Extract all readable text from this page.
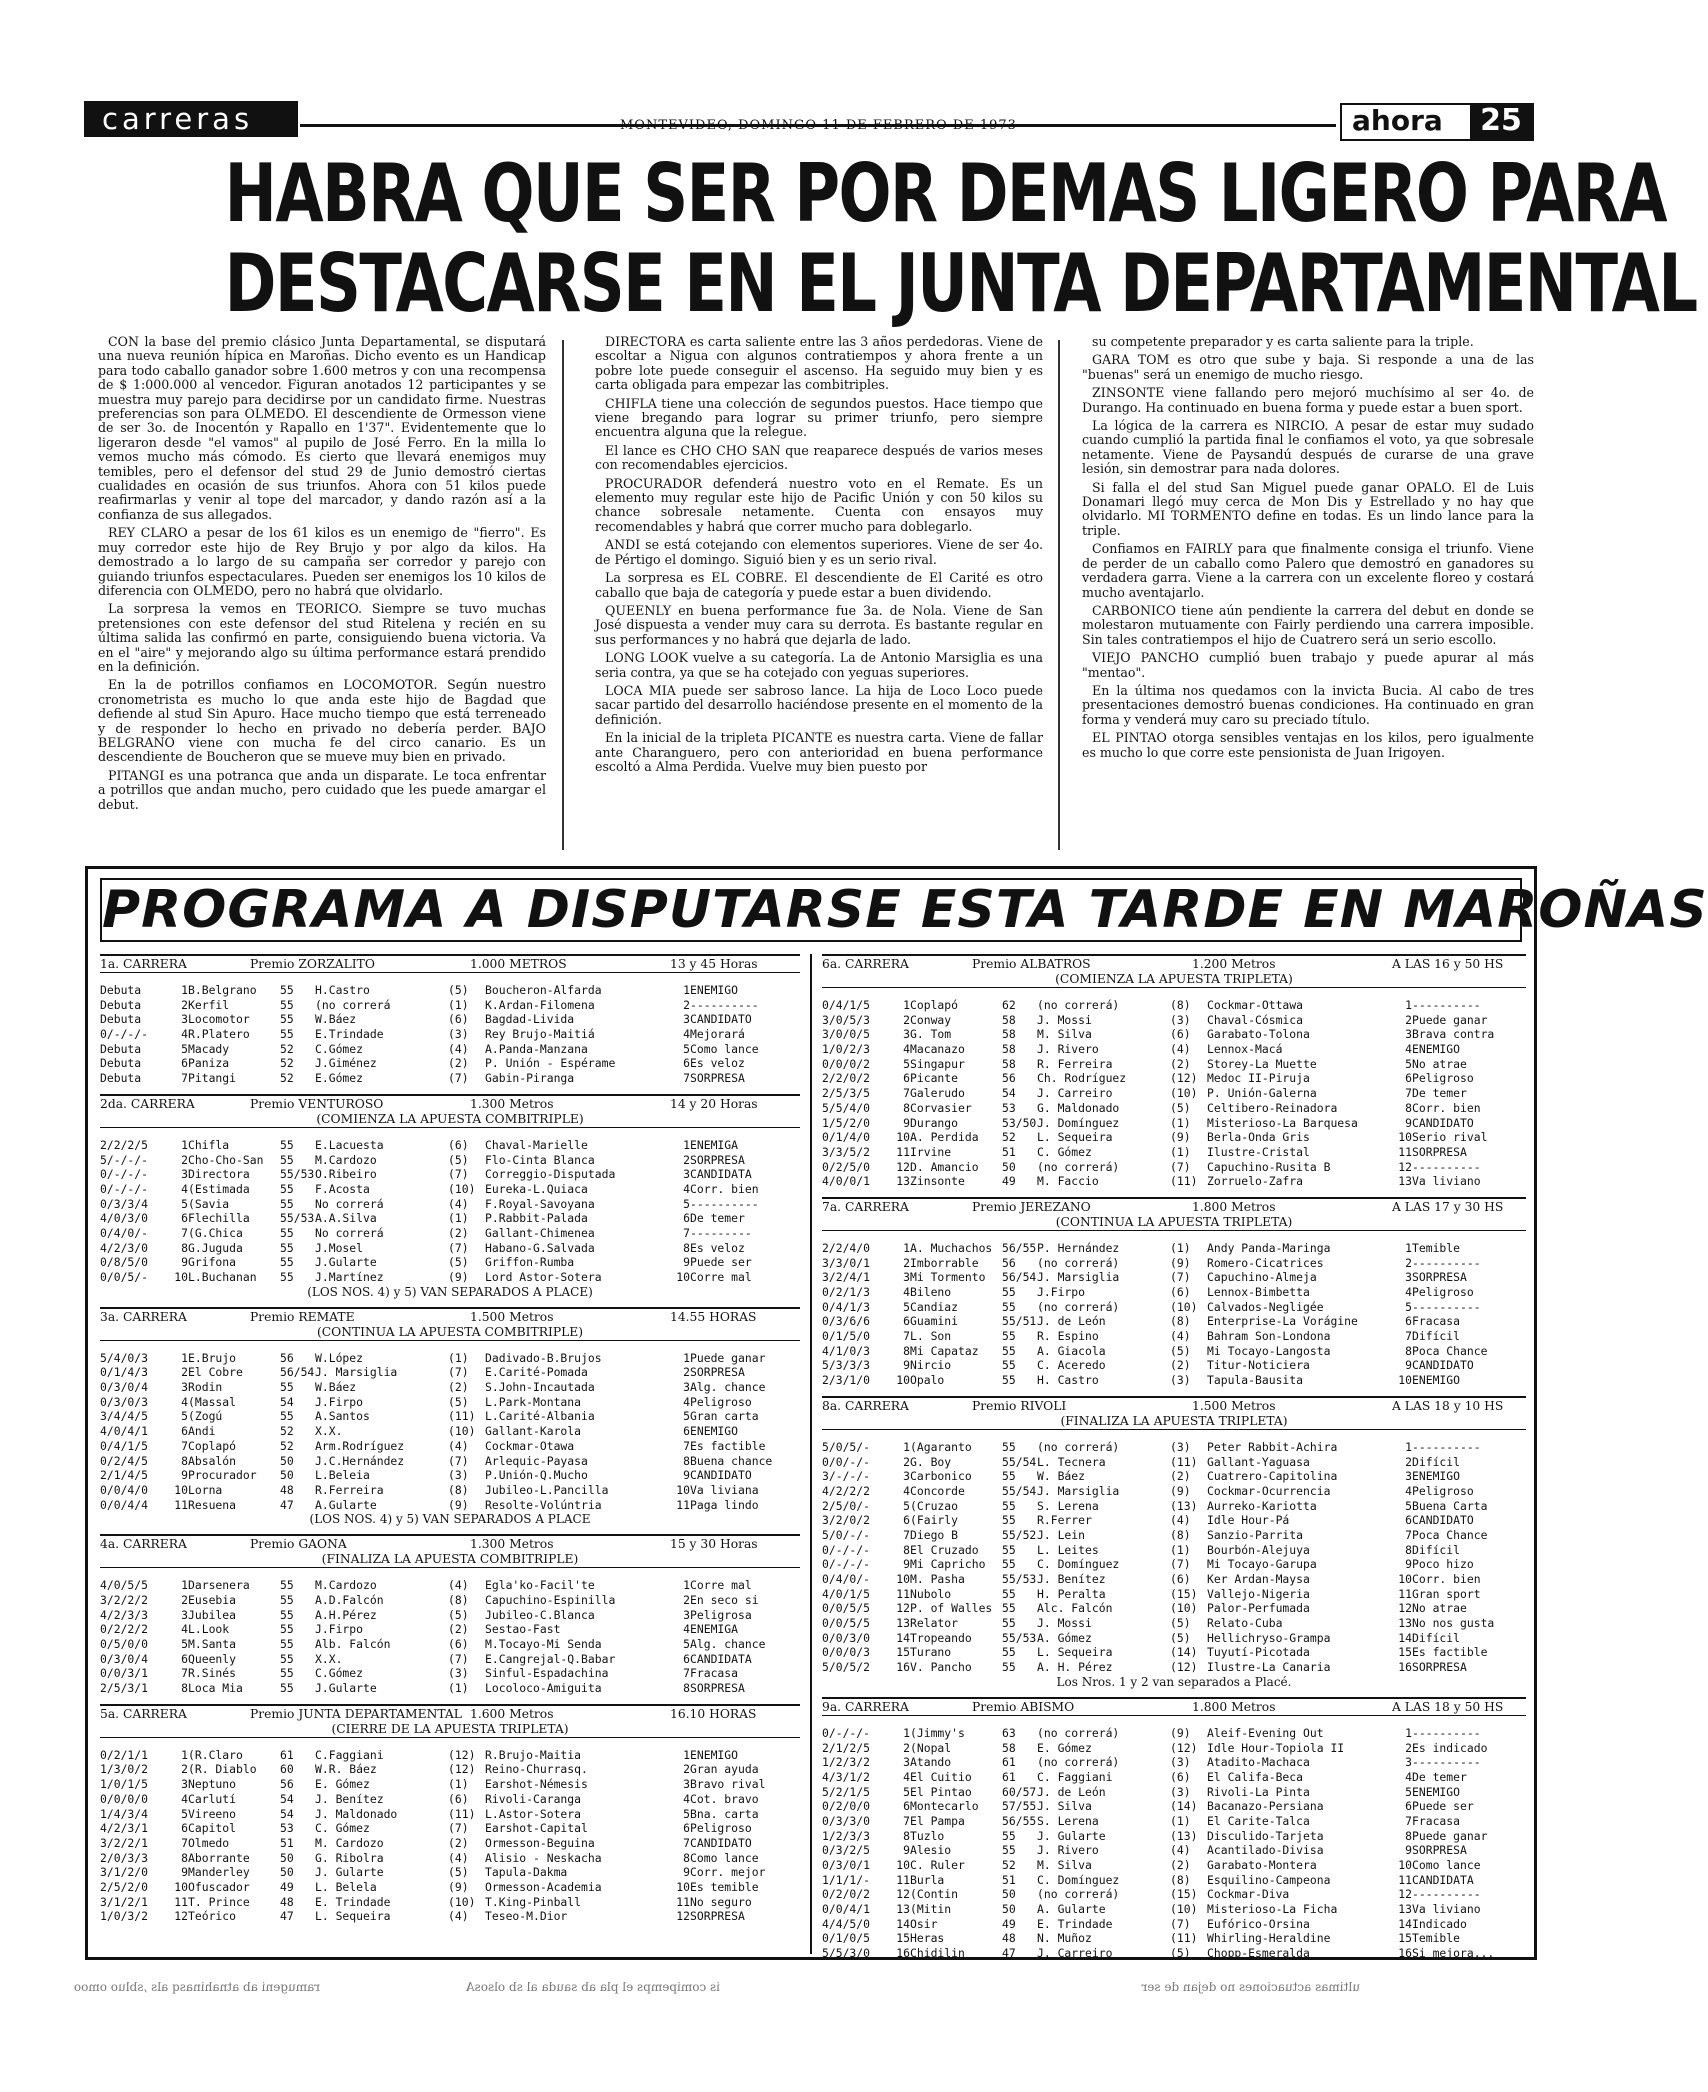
carreras	MONTEVIDEO, DOMINGO 11 DE FEBRERO DE 1973	ahora	25
HABRA QUE SER POR DEMAS LIGERO PARA
DESTACARSE EN EL JUNTA DEPARTAMENTAL

CON la base del premio clásico Junta Departamental, se disputará una nueva reunión hípica en Maroñas. Dicho evento es un Handicap para todo caballo ganador sobre 1.600 metros y con una recompensa de $ 1:000.000 al vencedor. Figuran anotados 12 participantes y se muestra muy parejo para decidirse por un candidato firme. Nuestras preferencias son para OLMEDO. El descendiente de Ormesson viene de ser 3o. de Inocentón y Rapallo en 1'37". Evidentemente que lo ligeraron desde "el vamos" al pupilo de José Ferro. En la milla lo vemos mucho más cómodo. Es cierto que llevará enemigos muy temibles, pero el defensor del stud 29 de Junio demostró ciertas cualidades en ocasión de sus triunfos. Ahora con 51 kilos puede reafirmarlas y venir al tope del marcador, y dando razón así a la confianza de sus allegados.

REY CLARO a pesar de los 61 kilos es un enemigo de "fierro". Es muy corredor este hijo de Rey Brujo y por algo da kilos. Ha demostrado a lo largo de su campaña ser corredor y parejo con guiando triunfos espectaculares. Pueden ser enemigos los 10 kilos de diferencia con OLMEDO, pero no habrá que olvidarlo.

La sorpresa la vemos en TEORICO. Siempre se tuvo muchas pretensiones con este defensor del stud Ritelena y recién en su última salida las confirmó en parte, consiguiendo buena victoria. Va en el "aire" y mejorando algo su última performance estará prendido en la definición.

En la de potrillos confiamos en LOCOMOTOR. Según nuestro cronometrista es mucho lo que anda este hijo de Bagdad que defiende al stud Sin Apuro. Hace mucho tiempo que está terreneado y de responder lo hecho en privado no debería perder. BAJO BELGRANO viene con mucha fe del circo canario. Es un descendiente de Boucheron que se mueve muy bien en privado.

PITANGI es una potranca que anda un disparate. Le toca enfrentar a potrillos que andan mucho, pero cuidado que les puede amargar el debut.

DIRECTORA es carta saliente entre las 3 años perdedoras. Viene de escoltar a Nigua con algunos contratiempos y ahora frente a un pobre lote puede conseguir el ascenso. Ha seguido muy bien y es carta obligada para empezar las combitriples.

CHIFLA tiene una colección de segundos puestos. Hace tiempo que viene bregando para lograr su primer triunfo, pero siempre encuentra alguna que la relegue.

El lance es CHO CHO SAN que reaparece después de varios meses con recomendables ejercicios.

PROCURADOR defenderá nuestro voto en el Remate. Es un elemento muy regular este hijo de Pacific Unión y con 50 kilos su chance sobresale netamente. Cuenta con ensayos muy recomendables y habrá que correr mucho para doblegarlo.

ANDI se está cotejando con elementos superiores. Viene de ser 4o. de Pértigo el domingo. Siguió bien y es un serio rival.

La sorpresa es EL COBRE. El descendiente de El Carité es otro caballo que baja de categoría y puede estar a buen dividendo.

QUEENLY en buena performance fue 3a. de Nola. Viene de San José dispuesta a vender muy cara su derrota. Es bastante regular en sus performances y no habrá que dejarla de lado.

LONG LOOK vuelve a su categoría. La de Antonio Marsiglia es una seria contra, ya que se ha cotejado con yeguas superiores.

LOCA MIA puede ser sabroso lance. La hija de Loco Loco puede sacar partido del desarrollo haciéndose presente en el momento de la definición.

En la inicial de la tripleta PICANTE es nuestra carta. Viene de fallar ante Charanguero, pero con anterioridad en buena performance escoltó a Alma Perdida. Vuelve muy bien puesto por

su competente preparador y es carta saliente para la triple.

GARA TOM es otro que sube y baja. Si responde a una de las "buenas" será un enemigo de mucho riesgo.

ZINSONTE viene fallando pero mejoró muchísimo al ser 4o. de Durango. Ha continuado en buena forma y puede estar a buen sport.

La lógica de la carrera es NIRCIO. A pesar de estar muy sudado cuando cumplió la partida final le confiamos el voto, ya que sobresale netamente. Viene de Paysandú después de curarse de una grave lesión, sin demostrar para nada dolores.

Si falla el del stud San Miguel puede ganar OPALO. El de Luis Donamari llegó muy cerca de Mon Dis y Estrellado y no hay que olvidarlo. MI TORMENTO define en todas. Es un lindo lance para la triple.

Confiamos en FAIRLY para que finalmente consiga el triunfo. Viene de perder de un caballo como Palero que demostró en ganadores su verdadera garra. Viene a la carrera con un excelente floreo y costará mucho aventajarlo.

CARBONICO tiene aún pendiente la carrera del debut en donde se molestaron mutuamente con Fairly perdiendo una carrera imposible. Sin tales contratiempos el hijo de Cuatrero será un serio escollo.

VIEJO PANCHO cumplió buen trabajo y puede apurar al más "mentao".

En la última nos quedamos con la invicta Bucia. Al cabo de tres presentaciones demostró buenas condiciones. Ha continuado en gran forma y venderá muy caro su preciado título.

EL PINTAO otorga sensibles ventajas en los kilos, pero igualmente es mucho lo que corre este pensionista de Juan Irigoyen.

PROGRAMA A DISPUTARSE ESTA TARDE EN MAROÑAS
1a. CARRERA	Premio ZORZALITO	1.000 METROS	13 y 45 Horas
Debuta	1 B.Belgrano	55	H.Castro	(5)	Boucheron-Alfarda	1 ENEMIGO
Debuta	2 Kerfil	55	(no correrá	(1)	K.Ardan-Filomena	2 ----------
Debuta	3 Locomotor	55	W.Báez	(6)	Bagdad-Livida	3 CANDIDATO
0/-/-/-	4 R.Platero	55	E.Trindade	(3)	Rey Brujo-Maitiá	4 Mejorará
Debuta	5 Macady	52	C.Gómez	(4)	A.Panda-Manzana	5 Como lance
Debuta	6 Paniza	52	J.Giménez	(2)	P. Unión - Espérame	6 Es veloz
Debuta	7 Pitangi	52	E.Gómez	(7)	Gabin-Piranga	7 SORPRESA
2da. CARRERA	Premio VENTUROSO	1.300 Metros	14 y 20 Horas
(COMIENZA LA APUESTA COMBITRIPLE)
2/2/2/5	1 Chifla	55	E.Lacuesta	(6)	Chaval-Marielle	1 ENEMIGA
5/-/-/-	2 Cho-Cho-San	55	M.Cardozo	(5)	Flo-Cinta Blanca	2 SORPRESA
0/-/-/-	3 Directora	55/53 O.Ribeiro	(7)	Correggio-Disputada	3 CANDIDATA
0/-/-/-	4 (Estimada	55	F.Acosta	(10) Eureka-L.Quiaca	4 Corr. bien
0/3/3/4	5 (Savia	55	No correrá	(4)	F.Royal-Savoyana	5 ----------
4/0/3/0	6 Flechilla	55/53 A.A.Silva	(1)	P.Rabbit-Palada	6 De temer
0/4/0/-	7 (G.Chica	55	No correrá	(2)	Gallant-Chimenea	7 ---------
4/2/3/0	8 G.Juguda	55	J.Mosel	(7)	Habano-G.Salvada	8 Es veloz
0/8/5/0	9 Grifona	55	J.Gularte	(5)	Griffon-Rumba	9 Puede ser
0/0/5/-	10 L.Buchanan	55	J.Martínez	(9)	Lord Astor-Sotera	10 Corre mal
(LOS NOS. 4) y 5) VAN SEPARADOS A PLACE)
3a. CARRERA	Premio REMATE	1.500 Metros	14.55 HORAS
(CONTINUA LA APUESTA COMBITRIPLE)
5/4/0/3	1 E.Brujo	56	W.López	(1)	Dadivado-B.Brujos	1 Puede ganar
0/1/4/3	2 El Cobre	56/54 J. Marsiglia	(7)	E.Carité-Pomada	2 SORPRESA
0/3/0/4	3 Rodin	55	W.Báez	(2)	S.John-Incautada	3 Alg. chance
0/3/0/3	4 (Massal	54	J.Firpo	(5)	L.Park-Montana	4 Peligroso
3/4/4/5	5 (Zogú	55	A.Santos	(11) L.Carité-Albania	5 Gran carta
4/0/4/1	6 Andi	52	X.X.	(10) Gallant-Karola	6 ENEMIGO
0/4/1/5	7 Coplapó	52	Arm.Rodríguez	(4)	Cockmar-Otawa	7 Es factible
0/2/4/5	8 Absalón	50	J.C.Hernández	(7)	Arlequic-Payasa	8 Buena chance
2/1/4/5	9 Procurador	50	L.Beleia	(3)	P.Unión-Q.Mucho	9 CANDIDATO
0/0/4/0	10 Lorna	48	R.Ferreira	(8)	Jubileo-L.Pancilla	10 Va liviana
0/0/4/4	11 Resuena	47	A.Gularte	(9)	Resolte-Volúntria	11 Paga lindo
(LOS NOS. 4) y 5) VAN SEPARADOS A PLACE
4a. CARRERA	Premio GAONA	1.300 Metros	15 y 30 Horas
(FINALIZA LA APUESTA COMBITRIPLE)
4/0/5/5	1 Darsenera	55	M.Cardozo	(4)	Egla'ko-Facil'te	1 Corre mal
3/2/2/2	2 Eusebia	55	A.D.Falcón	(8)	Capuchino-Espinilla	2 En seco si
4/2/3/3	3 Jubilea	55	A.H.Pérez	(5)	Jubileo-C.Blanca	3 Peligrosa
0/2/2/2	4 L.Look	55	J.Firpo	(2)	Sestao-Fast	4 ENEMIGA
0/5/0/0	5 M.Santa	55	Alb. Falcón	(6)	M.Tocayo-Mi Senda	5 Alg. chance
0/3/0/4	6 Queenly	55	X.X.	(7)	E.Cangrejal-Q.Babar	6 CANDIDATA
0/0/3/1	7 R.Sinés	55	C.Gómez	(3)	Sinful-Espadachina	7 Fracasa
2/5/3/1	8 Loca Mia	55	J.Gularte	(1)	Locoloco-Amiguita	8 SORPRESA
5a. CARRERA	Premio JUNTA DEPARTAMENTAL 1.600 Metros	16.10 HORAS
(CIERRE DE LA APUESTA TRIPLETA)
0/2/1/1	1 (R.Claro	61	C.Faggiani	(12) R.Brujo-Maitia	1 ENEMIGO
1/3/0/2	2 (R. Diablo	60	W.R. Báez	(12) Reino-Churrasq.	2 Gran ayuda
1/0/1/5	3 Neptuno	56	E. Gómez	(1)	Earshot-Némesis	3 Bravo rival
0/0/0/0	4 Carlutí	54	J. Benítez	(6)	Rivoli-Caranga	4 Cot. bravo
1/4/3/4	5 Vireeno	54	J. Maldonado	(11) L.Astor-Sotera	5 Bna. carta
4/2/3/1	6 Capitol	53	C. Gómez	(7)	Earshot-Capital	6 Peligroso
3/2/2/1	7 Olmedo	51	M. Cardozo	(2)	Ormesson-Beguina	7 CANDIDATO
2/0/3/3	8 Aborrante	50	G. Ribolra	(4)	Alisio - Neskacha	8 Como lance
3/1/2/0	9 Manderley	50	J. Gularte	(5)	Tapula-Dakma	9 Corr. mejor
2/5/2/0	10 Ofuscador	49	L. Belela	(9)	Ormesson-Academia	10 Es temible
3/1/2/1	11 T. Prince	48	E. Trindade	(10) T.King-Pinball	11 No seguro
1/0/3/2	12 Teórico	47	L. Sequeira	(4)	Teseo-M.Dior	12 SORPRESA
6a. CARRERA	Premio ALBATROS	1.200 Metros	A LAS 16 y 50 HS
(COMIENZA LA APUESTA TRIPLETA)
0/4/1/5	1 Coplapó	62	(no correrá)	(8)	Cockmar-Ottawa	1 ----------
3/0/5/3	2 Conway	58	J. Mossi	(3)	Chaval-Cósmica	2 Puede ganar
3/0/0/5	3 G. Tom	58	M. Silva	(6)	Garabato-Tolona	3 Brava contra
1/0/2/3	4 Macanazo	58	J. Rivero	(4)	Lennox-Macá	4 ENEMIGO
0/0/0/2	5 Singapur	58	R. Ferreira	(2)	Storey-La Muette	5 No atrae
2/2/0/2	6 Picante	56	Ch. Rodríguez	(12) Medoc II-Piruja	6 Peligroso
2/5/3/5	7 Galerudo	54	J. Carreiro	(10) P. Unión-Galerna	7 De temer
5/5/4/0	8 Corvasier	53	G. Maldonado	(5)	Celtibero-Reinadora	8 Corr. bien
1/5/2/0	9 Durango	53/50 J. Domínguez	(1)	Misterioso-La Barquesa	9 CANDIDATO
0/1/4/0	10 A. Perdida	52	L. Sequeira	(9)	Berla-Onda Gris	10 Serio rival
3/3/5/2	11 Irvine	51	C. Gómez	(1)	Ilustre-Cristal	11 SORPRESA
0/2/5/0	12 D. Amancio	50	(no correrá)	(7)	Capuchino-Rusita B	12 ----------
4/0/0/1	13 Zinsonte	49	M. Faccio	(11) Zorruelo-Zafra	13 Va liviano
7a. CARRERA	Premio JEREZANO	1.800 Metros	A LAS 17 y 30 HS
(CONTINUA LA APUESTA TRIPLETA)
2/2/4/0	1 A. Muchachos 56/55 P. Hernández	(1)	Andy Panda-Maringa	1 Temible
3/3/0/1	2 Imborrable	56	(no correrá)	(9)	Romero-Cicatrices	2 ----------
3/2/4/1	3 Mi Tormento	56/54 J. Marsiglia	(7)	Capuchino-Almeja	3 SORPRESA
0/2/1/3	4 Bileno	55	J.Firpo	(6)	Lennox-Bimbetta	4 Peligroso
0/4/1/3	5 Candiaz	55	(no correrá)	(10) Calvados-Negligée	5 ----------
0/3/6/6	6 Guamini	55/51 J. de León	(8)	Enterprise-La Vorágine	6 Fracasa
0/1/5/0	7 L. Son	55	R. Espino	(4)	Bahram Son-Londona	7 Difícil
4/1/0/3	8 Mi Capataz	55	A. Giacola	(5)	Mi Tocayo-Langosta	8 Poca Chance
5/3/3/3	9 Nircio	55	C. Aceredo	(2)	Titur-Noticiera	9 CANDIDATO
2/3/1/0	10 Opalo	55	H. Castro	(3)	Tapula-Bausita	10 ENEMIGO
8a. CARRERA	Premio RIVOLI	1.500 Metros	A LAS 18 y 10 HS
(FINALIZA LA APUESTA TRIPLETA)
5/0/5/-	1 (Agaranto	55	(no correrá)	(3)	Peter Rabbit-Achira	1 ----------
0/0/-/-	2 G. Boy	55/54 L. Tecnera	(11) Gallant-Yaguasa	2 Difícil
3/-/-/-	3 Carbonico	55	W. Báez	(2)	Cuatrero-Capitolina	3 ENEMIGO
4/2/2/2	4 Concorde	55/54 J. Marsiglia	(9)	Cockmar-Ocurrencia	4 Peligroso
2/5/0/-	5 (Cruzao	55	S. Lerena	(13) Aurreko-Kariotta	5 Buena Carta
3/2/0/2	6 (Fairly	55	R.Ferrer	(4)	Idle Hour-Pá	6 CANDIDATO
5/0/-/-	7 Diego B	55/52 J. Lein	(8)	Sanzio-Parrita	7 Poca Chance
0/-/-/-	8 El Cruzado	55	L. Leites	(1)	Bourbón-Alejuya	8 Difícil
0/-/-/-	9 Mi Capricho	55	C. Domínguez	(7)	Mi Tocayo-Garupa	9 Poco hizo
0/4/0/-	10 M. Pasha	55/53 J. Benítez	(6)	Ker Ardan-Maysa	10 Corr. bien
4/0/1/5	11 Nubolo	55	H. Peralta	(15) Vallejo-Nigeria	11 Gran sport
0/0/5/5	12 P. of Walles 55	Alc. Falcón	(10) Palor-Perfumada	12 No atrae
0/0/5/5	13 Relator	55	J. Mossi	(5)	Relato-Cuba	13 No nos gusta
0/0/3/0	14 Tropeando	55/53 A. Gómez	(5)	Hellichryso-Grampa	14 Difícil
0/0/0/3	15 Turano	55	L. Sequeira	(14) Tuyutí-Picotada	15 Es factible
5/0/5/2	16 V. Pancho	55	A. H. Pérez	(12) Ilustre-La Canaria	16 SORPRESA
Los Nros. 1 y 2 van separados a Placé.
9a. CARRERA	Premio ABISMO	1.800 Metros	A LAS 18 y 50 HS
0/-/-/-	1 (Jimmy's	63	(no correrá)	(9)	Aleif-Evening Out	1 ----------
2/1/2/5	2 (Nopal	58	E. Gómez	(12) Idle Hour-Topiola II	2 Es indicado
1/2/3/2	3 Atando	61	(no correrá)	(3)	Atadito-Machaca	3 ----------
4/3/1/2	4 El Cuitio	61	C. Faggiani	(6)	El Califa-Beca	4 De temer
5/2/1/5	5 El Pintao	60/57 J. de León	(3)	Rivoli-La Pinta	5 ENEMIGO
0/2/0/0	6 Montecarlo	57/55 J. Silva	(14) Bacanazo-Persiana	6 Puede ser
0/3/3/0	7 El Pampa	56/55 S. Lerena	(1)	El Carite-Talca	7 Fracasa
1/2/3/3	8 Tuzlo	55	J. Gularte	(13) Disculido-Tarjeta	8 Puede ganar
0/3/2/5	9 Alesio	55	J. Rivero	(4)	Acantilado-Divisa	9 SORPRESA
0/3/0/1	10 C. Ruler	52	M. Silva	(2)	Garabato-Montera	10 Como lance
1/1/1/-	11 Burla	51	C. Domínguez	(8)	Esquilino-Campeona	11 CANDIDATA
0/2/0/2	12 (Contin	50	(no correrá)	(15) Cockmar-Diva	12 ----------
0/0/4/1	13 (Mitin	50	A. Gularte	(10) Misterioso-La Ficha	13 Va liviano
4/4/5/0	14 Osir	49	E. Trindade	(7)	Eufórico-Orsina	14 Indicado
0/1/0/5	15 Heras	48	N. Muñoz	(11) Whirling-Heraldine	15 Temible
5/5/3/0	16 Chidilin	47	J. Carreiro	(5)	Chopp-Esmeralda	16 Si mejora...
ramugeni ab atnahinasq als ,sbluo omoo	is comipemps el pla ab sauda al sb olsosA	ultimas actuaciones no dejan de ser
